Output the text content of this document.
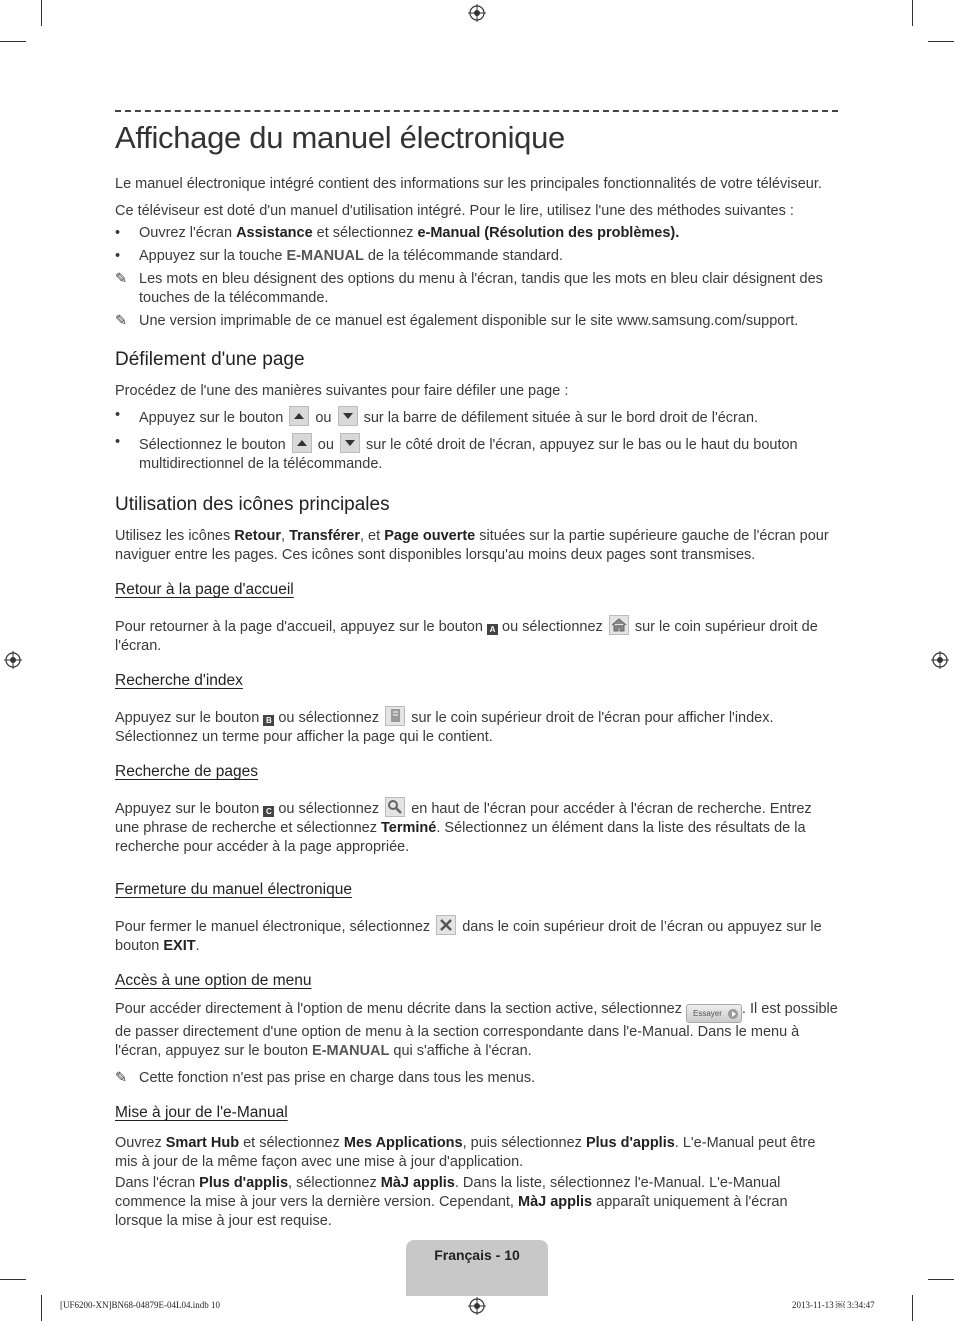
Affichage du manuel électronique

Le manuel électronique intégré contient des informations sur les principales fonctionnalités de votre téléviseur.

Ce téléviseur est doté d'un manuel d'utilisation intégré. Pour le lire, utilisez l'une des méthodes suivantes :

•	Ouvrez l'écran Assistance et sélectionnez e-Manual (Résolution des problèmes).
•	Appuyez sur la touche E-MANUAL de la télécommande standard.
✎ Les mots en bleu désignent des options du menu à l'écran, tandis que les mots en bleu clair désignent des touches de la télécommande.
✎ Une version imprimable de ce manuel est également disponible sur le site www.samsung.com/support.
Défilement d'une page

Procédez de l'une des manières suivantes pour faire défiler une page :

•	Appuyez sur le bouton ou sur la barre de défilement située à sur le bord droit de l'écran.
•	Sélectionnez le bouton ou sur le côté droit de l'écran, appuyez sur le bas ou le haut du bouton multidirectionnel de la télécommande.
Utilisation des icônes principales

Utilisez les icônes Retour, Transférer, et Page ouverte situées sur la partie supérieure gauche de l'écran pour naviguer entre les pages. Ces icônes sont disponibles lorsqu'au moins deux pages sont transmises.

Retour à la page d'accueil

Pour retourner à la page d'accueil, appuyez sur le bouton A ou sélectionnez sur le coin supérieur droit de l'écran.

Recherche d'index

Appuyez sur le bouton B ou sélectionnez sur le coin supérieur droit de l'écran pour afficher l'index. Sélectionnez un terme pour afficher la page qui le contient.

Recherche de pages

Appuyez sur le bouton C ou sélectionnez en haut de l'écran pour accéder à l'écran de recherche. Entrez une phrase de recherche et sélectionnez Terminé. Sélectionnez un élément dans la liste des résultats de la recherche pour accéder à la page appropriée.

Fermeture du manuel électronique

Pour fermer le manuel électronique, sélectionnez dans le coin supérieur droit de l’écran ou appuyez sur le bouton EXIT.

Accès à une option de menu

Pour accéder directement à l'option de menu décrite dans la section active, sélectionnez Essayer . Il est possible de passer directement d'une option de menu à la section correspondante dans l'e-Manual. Dans le menu à l'écran, appuyez sur le bouton E-MANUAL qui s'affiche à l'écran.

✎ Cette fonction n'est pas prise en charge dans tous les menus.
Mise à jour de l'e-Manual

Ouvrez Smart Hub et sélectionnez Mes Applications, puis sélectionnez Plus d'applis. L'e-Manual peut être mis à jour de la même façon avec une mise à jour d'application.

Dans l'écran Plus d'applis, sélectionnez MàJ applis. Dans la liste, sélectionnez l'e-Manual. L'e-Manual commence la mise à jour vers la dernière version. Cependant, MàJ applis apparaît uniquement à l'écran lorsque la mise à jour est requise.

Français - 10
[UF6200-XN]BN68-04879E-04L04.indb 10	2013-11-13 ￼ 3:34:47
